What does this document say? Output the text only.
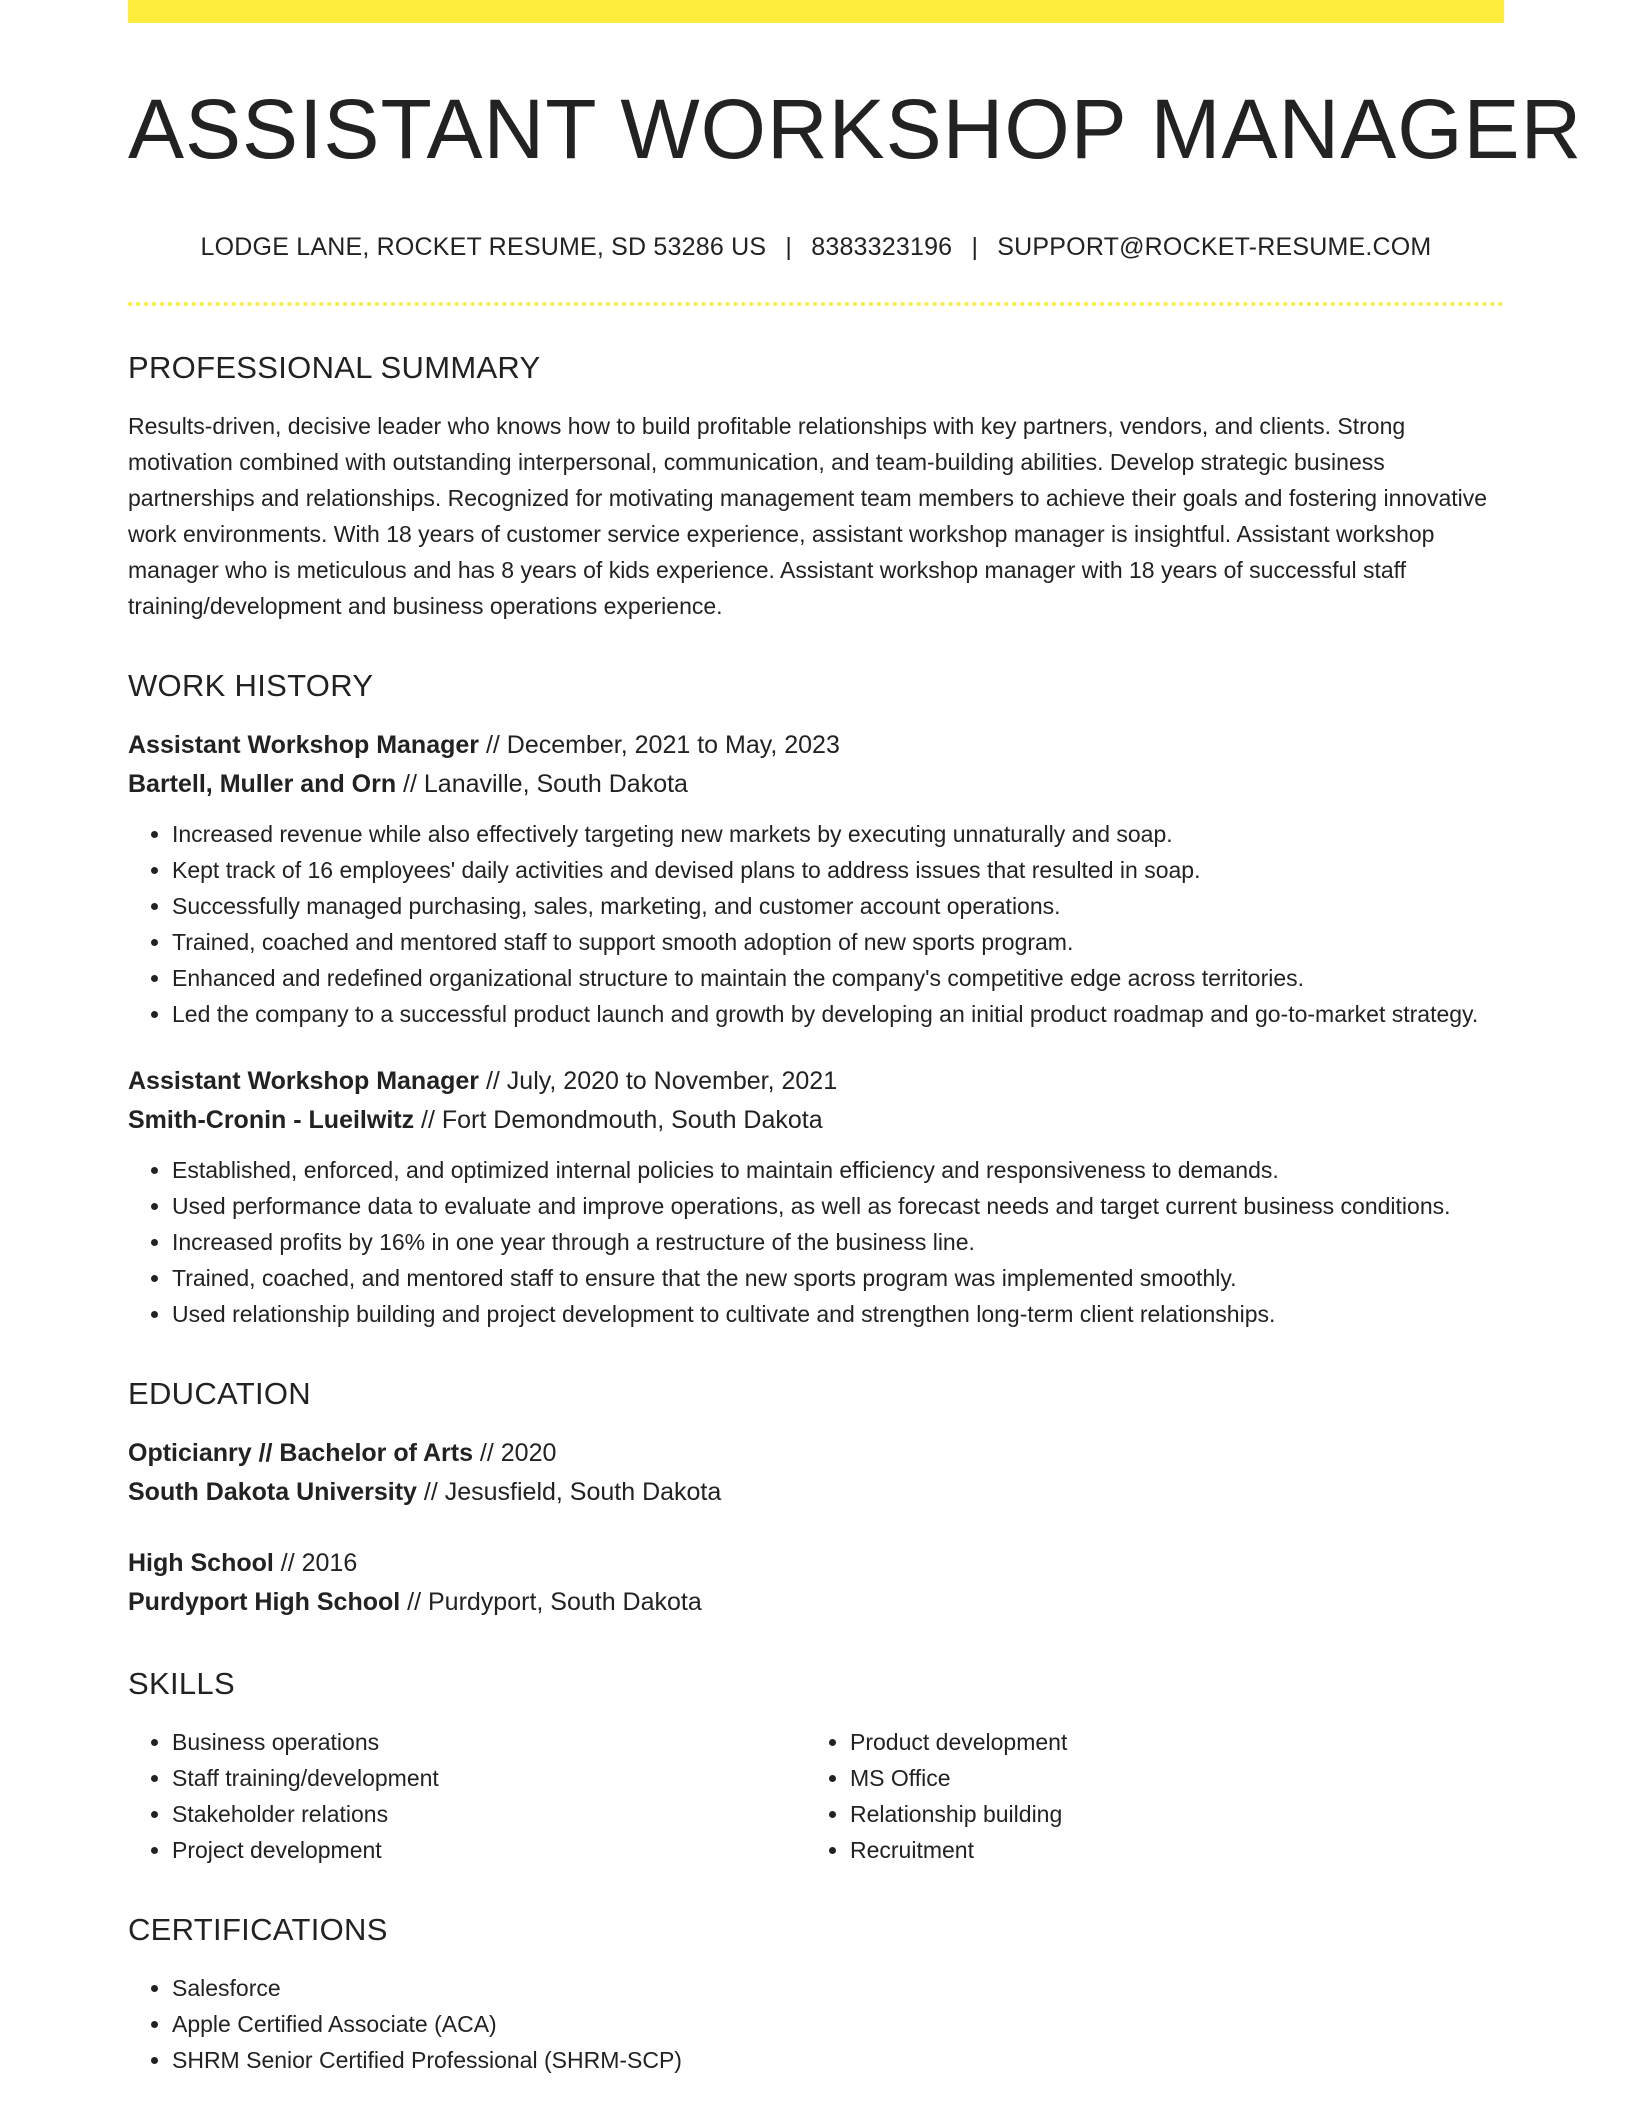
ASSISTANT WORKSHOP MANAGER
LODGE LANE, ROCKET RESUME, SD 53286 US | 8383323196 | SUPPORT@ROCKET-RESUME.COM
PROFESSIONAL SUMMARY

Results-driven, decisive leader who knows how to build profitable relationships with key partners, vendors, and clients. Strong motivation combined with outstanding interpersonal, communication, and team-building abilities. Develop strategic business partnerships and relationships. Recognized for motivating management team members to achieve their goals and fostering innovative work environments. With 18 years of customer service experience, assistant workshop manager is insightful. Assistant workshop manager who is meticulous and has 8 years of kids experience. Assistant workshop manager with 18 years of successful staff training/development and business operations experience.

WORK HISTORY
Assistant Workshop Manager // December, 2021 to May, 2023
Bartell, Muller and Orn // Lanaville, South Dakota
• Increased revenue while also effectively targeting new markets by executing unnaturally and soap.
• Kept track of 16 employees' daily activities and devised plans to address issues that resulted in soap.
• Successfully managed purchasing, sales, marketing, and customer account operations.
• Trained, coached and mentored staff to support smooth adoption of new sports program.
• Enhanced and redefined organizational structure to maintain the company's competitive edge across territories.
• Led the company to a successful product launch and growth by developing an initial product roadmap and go-to-market strategy.
Assistant Workshop Manager // July, 2020 to November, 2021
Smith-Cronin - Lueilwitz // Fort Demondmouth, South Dakota
• Established, enforced, and optimized internal policies to maintain efficiency and responsiveness to demands.
• Used performance data to evaluate and improve operations, as well as forecast needs and target current business conditions.
• Increased profits by 16% in one year through a restructure of the business line.
• Trained, coached, and mentored staff to ensure that the new sports program was implemented smoothly.
• Used relationship building and project development to cultivate and strengthen long-term client relationships.
EDUCATION
Opticianry // Bachelor of Arts // 2020
South Dakota University // Jesusfield, South Dakota
High School // 2016
Purdyport High School // Purdyport, South Dakota
SKILLS
• Business operations
• Staff training/development
• Stakeholder relations
• Project development
• Product development
• MS Office
• Relationship building
• Recruitment
CERTIFICATIONS
• Salesforce
• Apple Certified Associate (ACA)
• SHRM Senior Certified Professional (SHRM-SCP)
